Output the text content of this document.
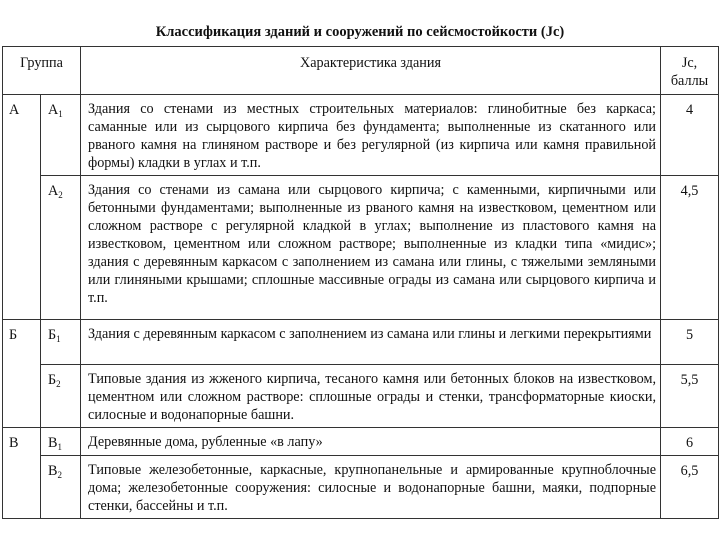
Классификация зданий и сооружений по сейсмостойкости (Jc)
Группа		Характеристика здания	Jc,
баллы
А	$А_1$	Здания со стенами из местных строительных материалов: глинобитные без каркаса; саманные или из сырцового кирпича без фундамента; выполненные из скатанного или рваного камня на глиняном растворе и без регулярной (из кирпича или камня правильной формы) кладки в углах и т.п.	4
	$А_2$	Здания со стенами из самана или сырцового кирпича; с каменными, кирпичными или бетонными фундаментами; выполненные из рваного камня на известковом, цементном или сложном растворе с регулярной кладкой в углах; выполнение из пластового камня на известковом, цементном или сложном растворе; выполненные из кладки типа «мидис»; здания с деревянным каркасом с заполнением из самана или глины, с тяжелыми земляными или глиняными крышами; сплошные массивные ограды из самана или сырцового кирпича и т.п.	4,5
Б	$Б_1$	Здания с деревянным каркасом с заполнением из самана или глины и легкими перекрытиями	5
	$Б_2$	Типовые здания из жженого кирпича, тесаного камня или бетонных блоков на известковом, цементном или сложном растворе: сплошные ограды и стенки, трансформаторные киоски, силосные и водонапорные башни.	5,5
В	$В_1$	Деревянные дома, рубленные «в лапу»	6
	$В_2$	Типовые железобетонные, каркасные, крупнопанельные и армированные крупноблочные дома; железобетонные сооружения: силосные и водонапорные башни, маяки, подпорные стенки, бассейны и т.п.	6,5
